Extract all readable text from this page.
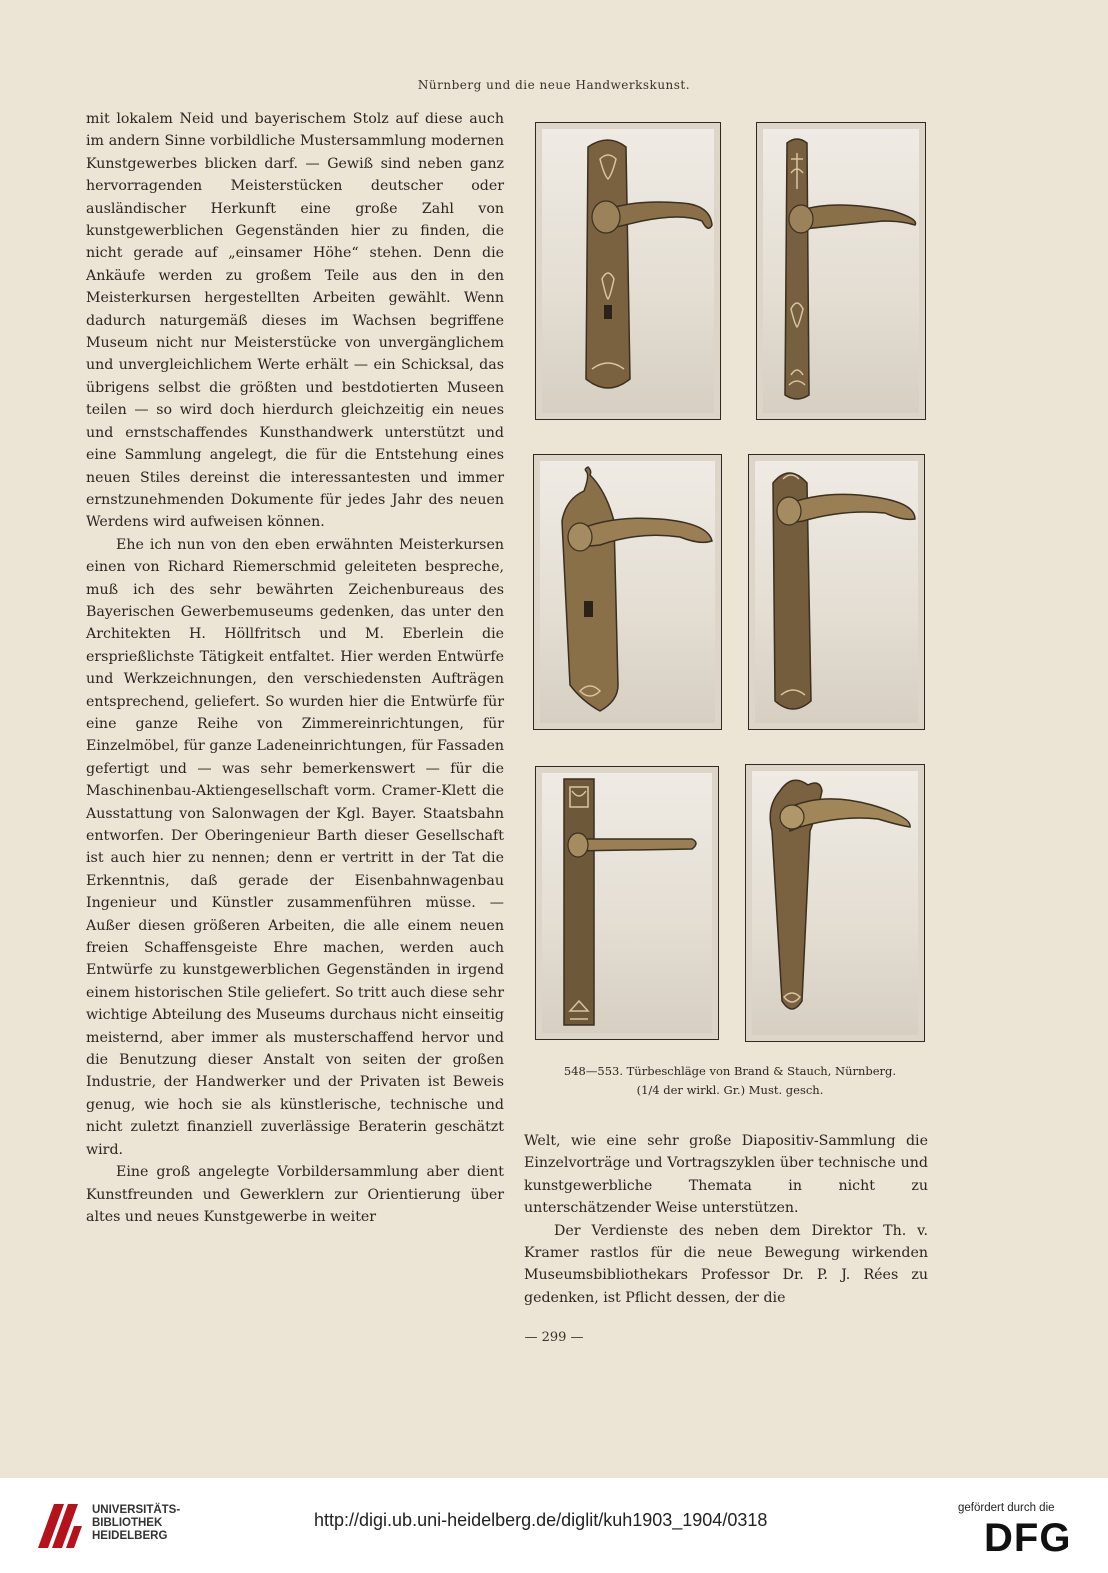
Nürnberg und die neue Handwerkskunst.

mit lokalem Neid und bayerischem Stolz auf diese auch im andern Sinne vorbildliche Mustersammlung modernen Kunstgewerbes blicken darf. — Gewiß sind neben ganz hervorragenden Meisterstücken deutscher oder ausländischer Herkunft eine große Zahl von kunstgewerblichen Gegenständen hier zu finden, die nicht gerade auf „einsamer Höhe“ stehen. Denn die Ankäufe werden zu großem Teile aus den in den Meisterkursen hergestellten Arbeiten gewählt. Wenn dadurch naturgemäß dieses im Wachsen begriffene Museum nicht nur Meisterstücke von unvergänglichem und unvergleichlichem Werte erhält — ein Schicksal, das übrigens selbst die größten und bestdotierten Museen teilen — so wird doch hierdurch gleichzeitig ein neues und ernstschaffendes Kunsthandwerk unterstützt und eine Sammlung angelegt, die für die Entstehung eines neuen Stiles dereinst die interessantesten und immer ernstzunehmenden Dokumente für jedes Jahr des neuen Werdens wird aufweisen können.

Ehe ich nun von den eben erwähnten Meisterkursen einen von Richard Riemerschmid geleiteten bespreche, muß ich des sehr bewährten Zeichenbureaus des Bayerischen Gewerbemuseums gedenken, das unter den Architekten H. Höllfritsch und M. Eberlein die ersprießlichste Tätigkeit entfaltet. Hier werden Entwürfe und Werkzeichnungen, den verschiedensten Aufträgen entsprechend, geliefert. So wurden hier die Entwürfe für eine ganze Reihe von Zimmereinrichtungen, für Einzelmöbel, für ganze Ladeneinrichtungen, für Fassaden gefertigt und — was sehr bemerkenswert — für die Maschinenbau-Aktiengesellschaft vorm. Cramer-Klett die Ausstattung von Salonwagen der Kgl. Bayer. Staatsbahn entworfen. Der Oberingenieur Barth dieser Gesellschaft ist auch hier zu nennen; denn er vertritt in der Tat die Erkenntnis, daß gerade der Eisenbahnwagenbau Ingenieur und Künstler zusammenführen müsse. — Außer diesen größeren Arbeiten, die alle einem neuen freien Schaffensgeiste Ehre machen, werden auch Entwürfe zu kunstgewerblichen Gegenständen in irgend einem historischen Stile geliefert. So tritt auch diese sehr wichtige Abteilung des Museums durchaus nicht einseitig meisternd, aber immer als musterschaffend hervor und die Benutzung dieser Anstalt von seiten der großen Industrie, der Handwerker und der Privaten ist Beweis genug, wie hoch sie als künstlerische, technische und nicht zuletzt finanziell zuverlässige Beraterin geschätzt wird.

Eine groß angelegte Vorbildersammlung aber dient Kunstfreunden und Gewerklern zur Orientierung über altes und neues Kunstgewerbe in weiter

548—553. Türbeschläge von Brand & Stauch, Nürnberg.
(1/4 der wirkl. Gr.) Must. gesch.

Welt, wie eine sehr große Diapositiv-Sammlung die Einzelvorträge und Vortragszyklen über technische und kunstgewerbliche Themata in nicht zu unterschätzender Weise unterstützen.

Der Verdienste des neben dem Direktor Th. v. Kramer rastlos für die neue Bewegung wirkenden Museumsbibliothekars Professor Dr. P. J. Rées zu gedenken, ist Pflicht dessen, der die

— 299 —
UNIVERSITÄTS-
BIBLIOTHEK
HEIDELBERG
http://digi.ub.uni-heidelberg.de/diglit/kuh1903_1904/0318
gefördert durch die
DFG
